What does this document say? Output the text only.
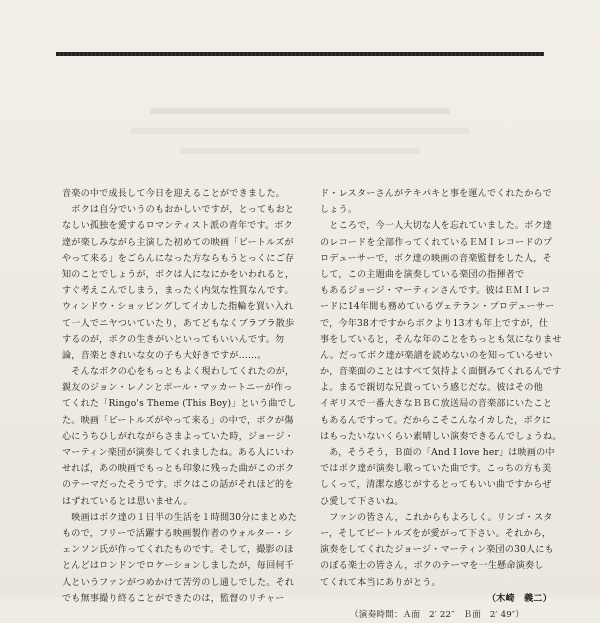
音楽の中で成長して今日を迎えることができました。
　ボクは自分でいうのもおかしいですが，とってもおと
なしい孤独を愛するロマンティスト派の青年です。ボク
達が楽しみながら主演した初めての映画「ビートルズが
やって来る」をごらんになった方ならもうとっくにご存
知のことでしょうが，ボクは人になにかをいわれると，
すぐ考えこんでしまう，まったく内気な性質なんです。
ウィンドウ・ショッピングしてイカした指輪を買い入れ
て一人でニヤついていたり，あてどもなくブラブラ散歩
するのが，ボクの生きがいといってもいいんです。勿
論，音楽ときれいな女の子も大好きですが……。
　そんなボクの心をもっともよく現わしてくれたのが，
親友のジョン・レノンとポール・マッカートニーが作っ
てくれた「Ringo's Theme (This Boy)」という曲でし
た。映画「ビートルズがやって来る」の中で，ボクが傷
心にうちひしがれながらさまよっていた時，ジョージ・
マーティン楽団が演奏してくれましたね。ある人にいわ
せれば，あの映画でもっとも印象に残った曲がこのボク
のテーマだったそうです。ボクはこの話がそれほど的を
はずれているとは思いません。
　映画はボク達の１日半の生活を１時間30分にまとめた
もので，フリーで活躍する映画製作者のウォルター・シ
ェンソン氏が作ってくれたものです。そして，撮影のほ
とんどはロンドンでロケーションしましたが，毎回何千
人というファンがつめかけて苦労のし通しでした。それ
でも無事撮り終ることができたのは，監督のリチャー
ド・レスターさんがテキパキと事を運んでくれたからで
しょう。
　ところで，今一人大切な人を忘れていました。ボク達
のレコードを全部作ってくれているＥＭＩレコードのプ
ロデューサーで，ボク達の映画の音楽監督をした人，そ
して，この主題曲を演奏している楽団の指揮者で
もあるジョージ・マーティンさんです。彼はＥＭＩレコ
ードに14年間も務めているヴェテラン・プロデューサー
で，今年38才ですからボクより13才も年上ですが，仕
事をしていると，そんな年のことをちっとも気になりませ
ん。だってボク達が楽譜を読めないのを知っているせい
か，音楽面のことはすべて気持よく面倒みてくれるんです
よ。まるで親切な兄貴っていう感じだな。彼はその他
イギリスで一番大きなＢＢＣ放送局の音楽部にいたこと
もあるんですって。だからこそこんなイカした，ボクに
はもったいないくらい素晴しい演奏できるんでしょうね。
　あ，そうそう，Ｂ面の「And I love her」は映画の中
ではポク達が演奏し歌っていた曲です。こっちの方も美
しくって，清潔な感じがするとってもいい曲ですからぜ
ひ愛して下さいね。
　ファンの皆さん，これからもよろしく。リンゴ・スタ
ー，そしてビートルズをが愛がって下さい。それから，
演奏をしてくれたジョージ・マーティン楽団の30人にも
のぼる楽士の皆さん，ボクのテーマを一生懸命演奏し
てくれて本当にありがとう。
（木崎　義二）
（演奏時間：Ａ面　2′ 22″　Ｂ面　2′ 49″）
